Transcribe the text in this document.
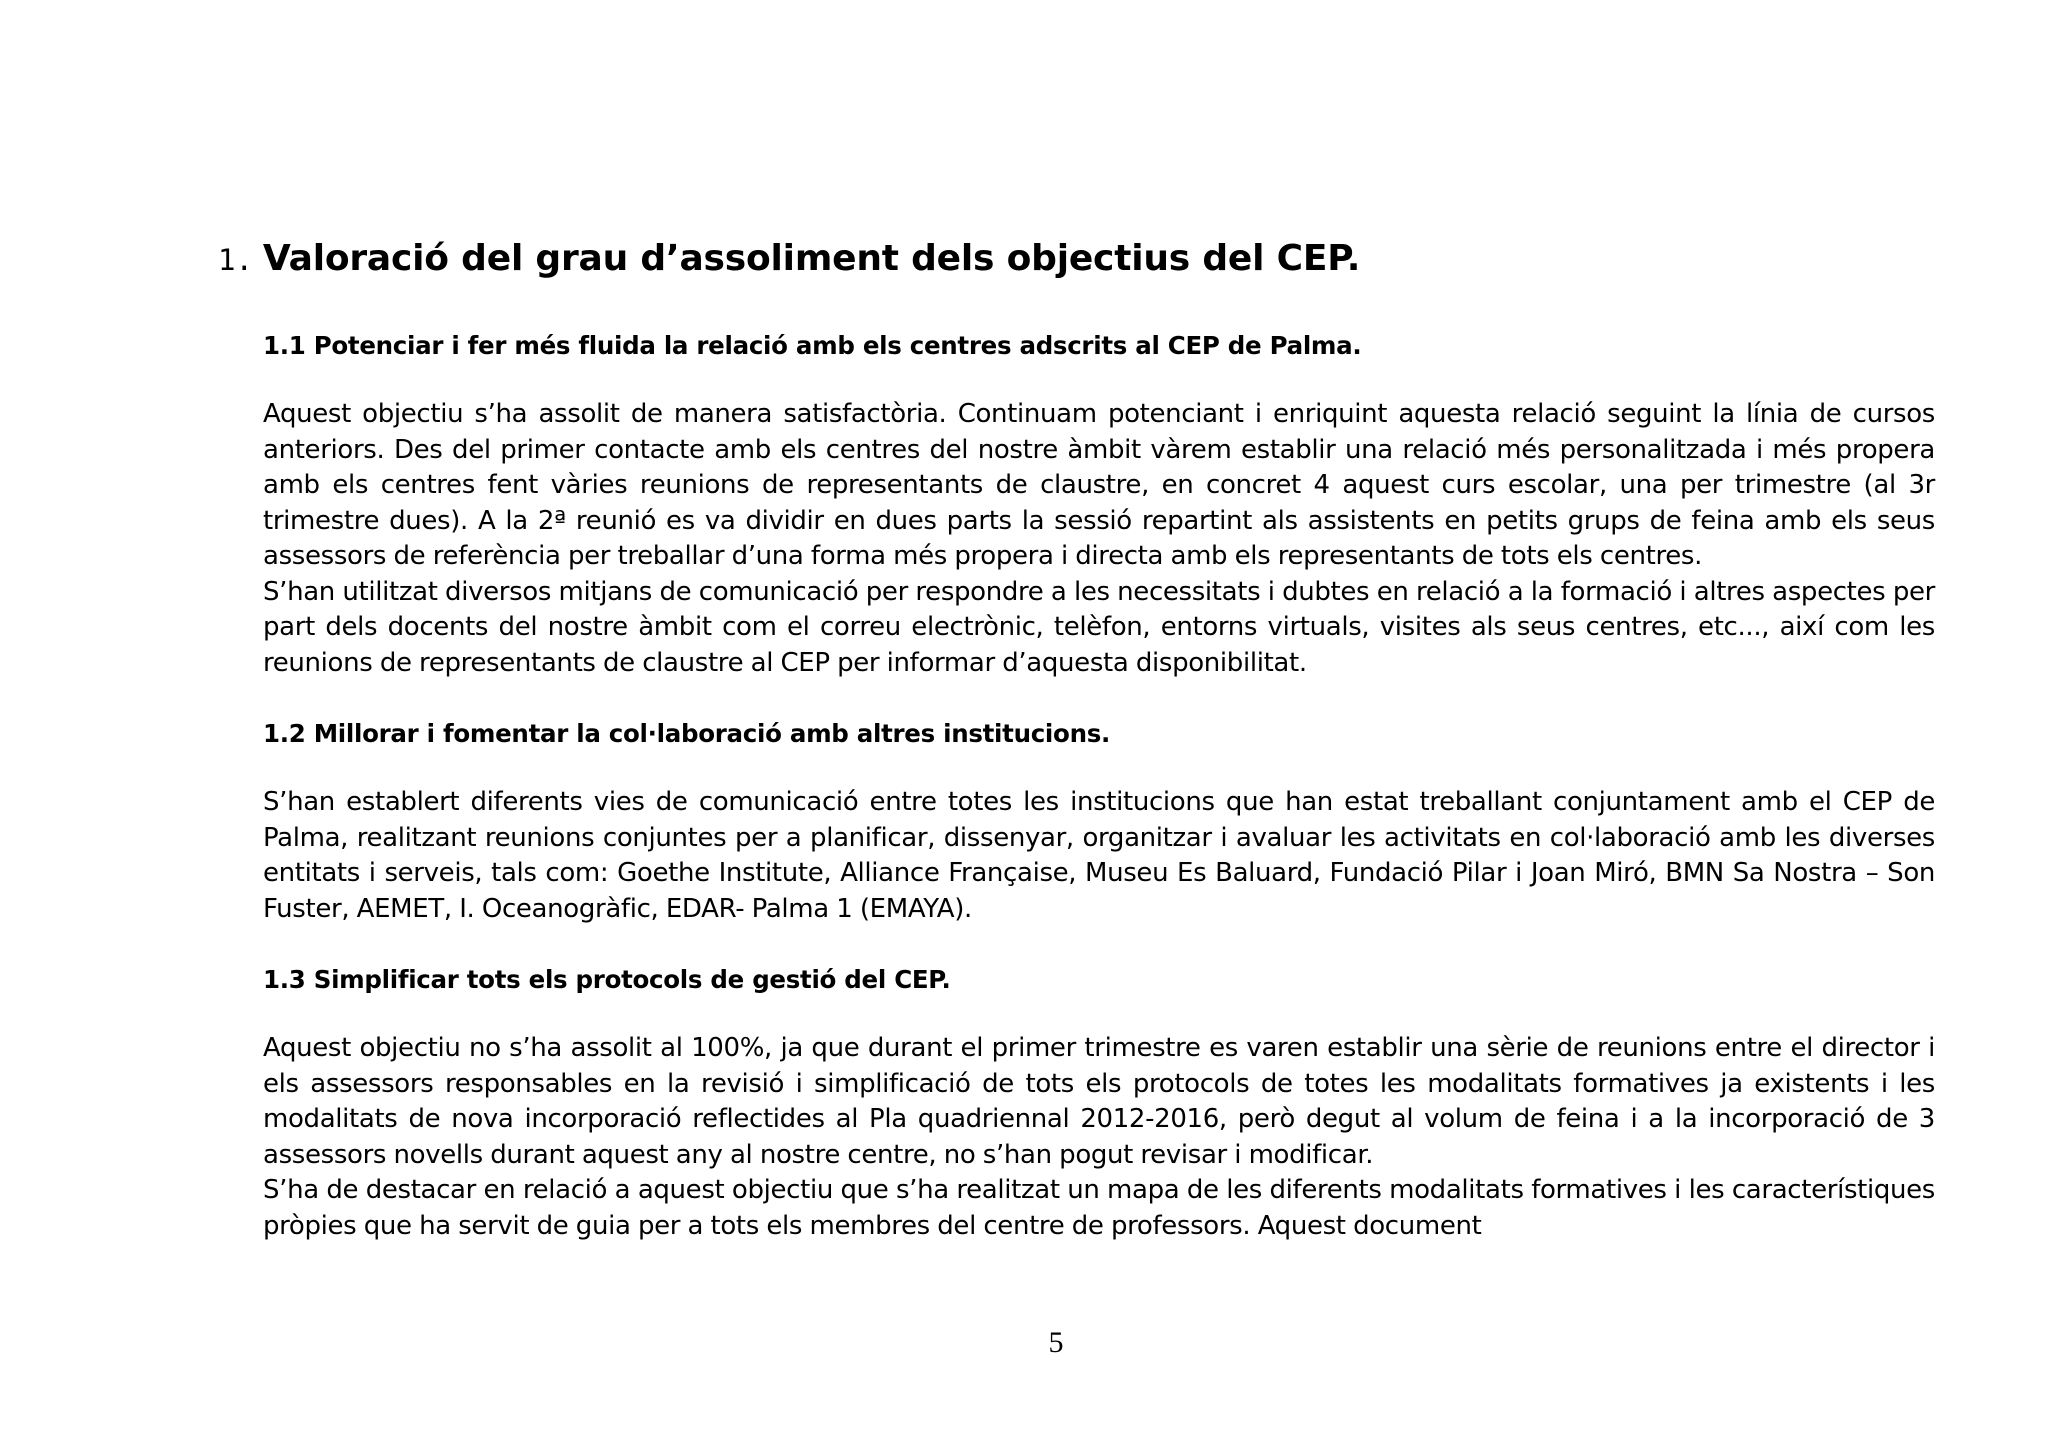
1. Valoració del grau d’assoliment dels objectius del CEP.

1.1 Potenciar i fer més fluida la relació amb els centres adscrits al CEP de Palma.

Aquest objectiu s’ha assolit de manera satisfactòria. Continuam potenciant i enriquint aquesta relació seguint la línia de cursos anteriors. Des del primer contacte amb els centres del nostre àmbit vàrem establir una relació més personalitzada i més propera amb els centres fent vàries reunions de representants de claustre, en concret 4 aquest curs escolar, una per trimestre (al 3r trimestre dues). A la 2ª reunió es va dividir en dues parts la sessió repartint als assistents en petits grups de feina amb els seus assessors de referència per treballar d’una forma més propera i directa amb els representants de tots els centres.

S’han utilitzat diversos mitjans de comunicació per respondre a les necessitats i dubtes en relació a la formació i altres aspectes per part dels docents del nostre àmbit com el correu electrònic, telèfon, entorns virtuals, visites als seus centres, etc..., així com les reunions de representants de claustre al CEP per informar d’aquesta disponibilitat.

1.2 Millorar i fomentar la col·laboració amb altres institucions.

S’han establert diferents vies de comunicació entre totes les institucions que han estat treballant conjuntament amb el CEP de Palma, realitzant reunions conjuntes per a planificar, dissenyar, organitzar i avaluar les activitats en col·laboració amb les diverses entitats i serveis, tals com: Goethe Institute, Alliance Française, Museu Es Baluard, Fundació Pilar i Joan Miró, BMN Sa Nostra – Son Fuster, AEMET, I. Oceanogràfic, EDAR- Palma 1 (EMAYA).

1.3 Simplificar tots els protocols de gestió del CEP.

Aquest objectiu no s’ha assolit al 100%, ja que durant el primer trimestre es varen establir una sèrie de reunions entre el director i els assessors responsables en la revisió i simplificació de tots els protocols de totes les modalitats formatives ja existents i les modalitats de nova incorporació reflectides al Pla quadriennal 2012-2016, però degut al volum de feina i a la incorporació de 3 assessors novells durant aquest any al nostre centre, no s’han pogut revisar i modificar.

S’ha de destacar en relació a aquest objectiu que s’ha realitzat un mapa de les diferents modalitats formatives i les característiques pròpies que ha servit de guia per a tots els membres del centre de professors. Aquest document

5
